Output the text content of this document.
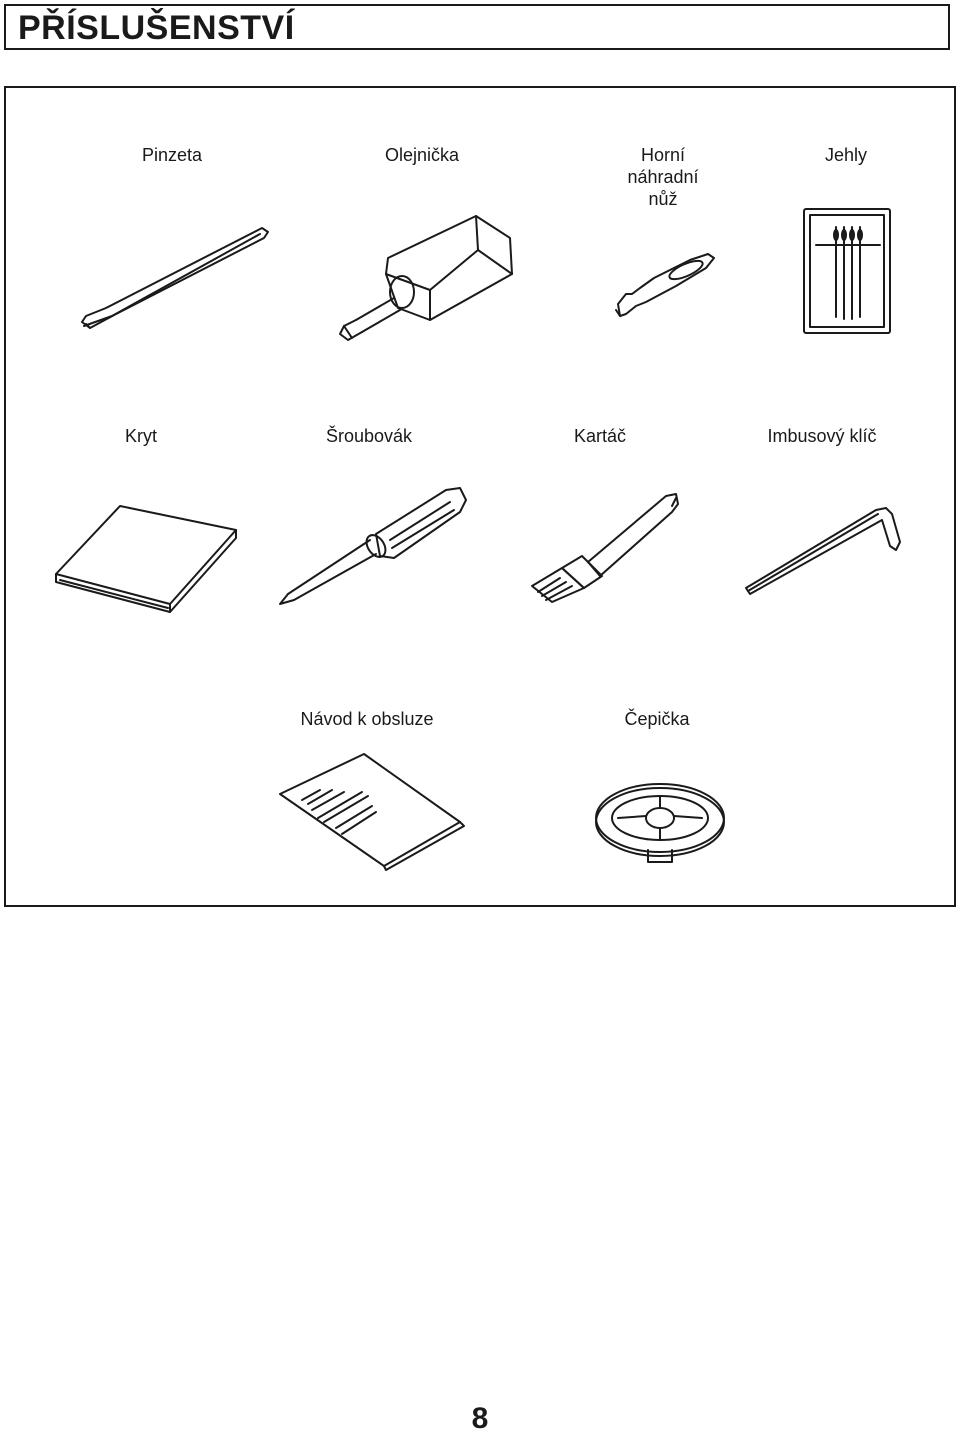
PŘÍSLUŠENSTVÍ
Pinzeta	Olejnička	Horní
náhradní
nůž
Jehly
Kryt	Šroubovák	Kartáč	Imbusový klíč
Návod k obsluze	Čepička
8
